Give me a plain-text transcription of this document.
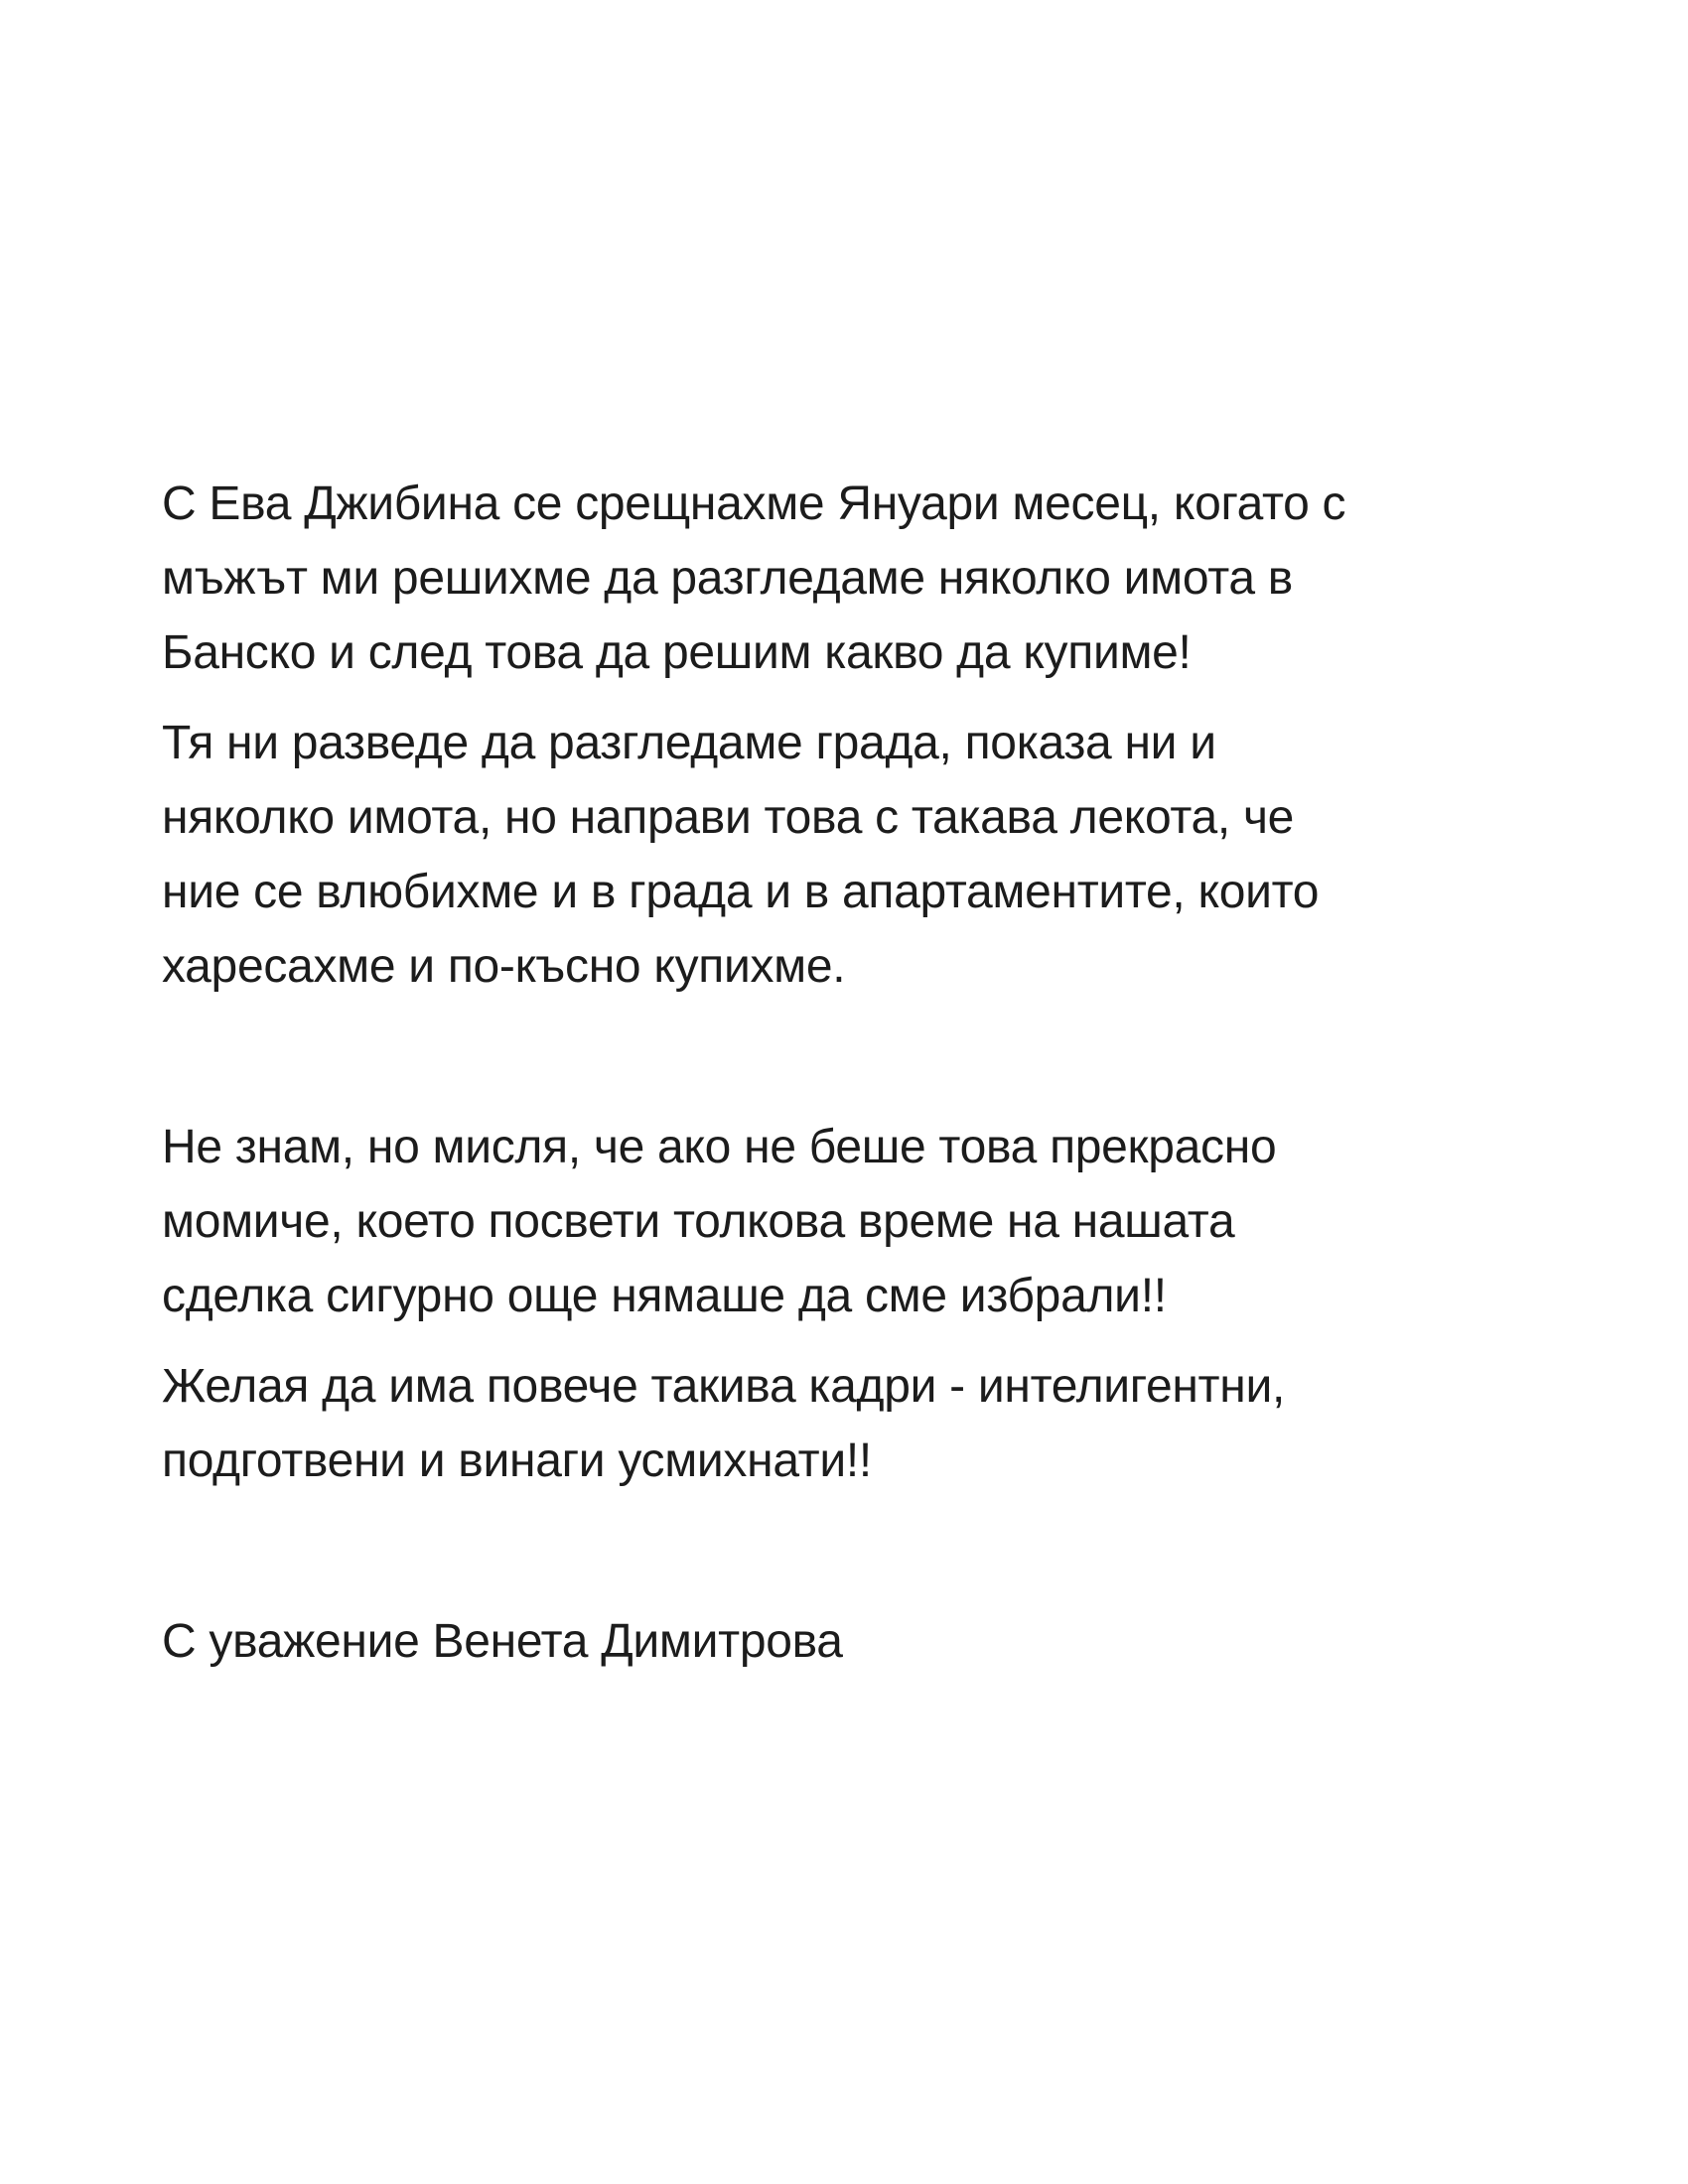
С Ева Джибина се срещнахме Януари месец, когато с
мъжът ми решихме да разгледаме няколко имота в
Банско и след това да решим какво да купиме!
Тя ни разведе да разгледаме града, показа ни и
няколко имота, но направи това с такава лекота, че
ние се влюбихме и в града и в апартаментите, които
харесахме и по-късно купихме.
Не знам, но мисля, че ако не беше това прекрасно
момиче, което посвети толкова време на нашата
сделка сигурно още нямаше да сме избрали!!
Желая да има повече такива кадри - интелигентни,
подготвени и винаги усмихнати!!
С уважение Венета Димитрова
